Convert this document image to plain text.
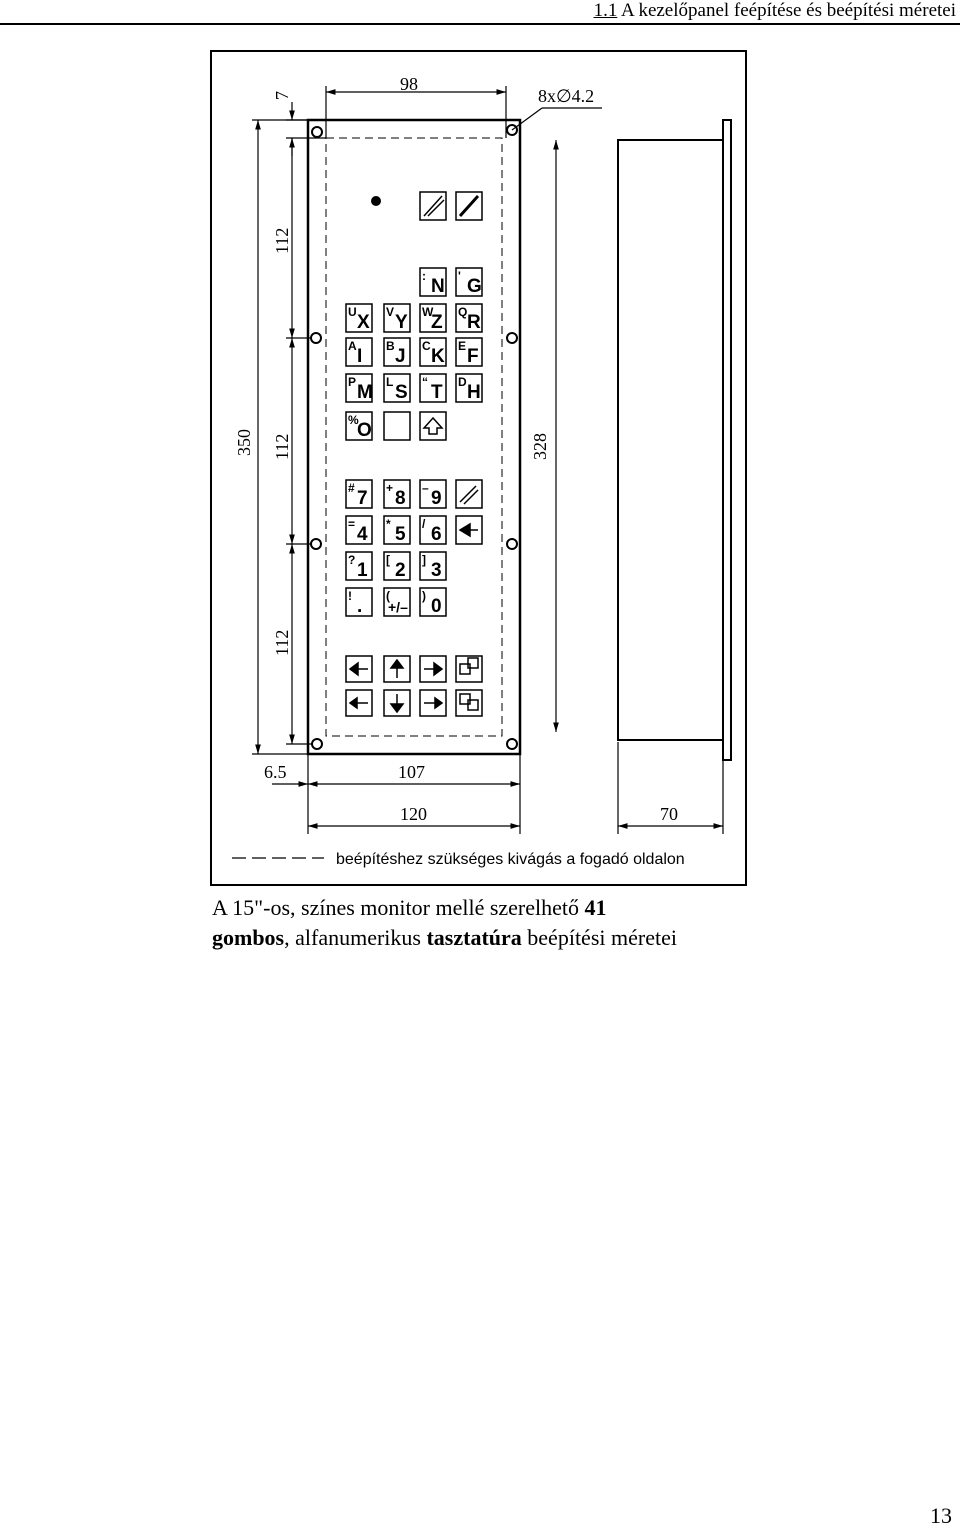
1.1 A kezelőpanel feépítése és beépítési méretei
98
8x∅4.2
7
350
112
112
112
328
6.5	107
120	70
beépítéshez szükséges kivágás a fogadó oldalon
: N ' G
U X V Y W
Z Q R
A I B J C K E F
P M L S “ T D H
%
O
# 7 + 8 – 9
= 4 * 5 / 6
? 1 [ 2 ] 3
! . (
+/–
) 0
A 15"-os, színes monitor mellé szerelhető 41
gombos, alfanumerikus tasztatúra beépítési méretei
13
